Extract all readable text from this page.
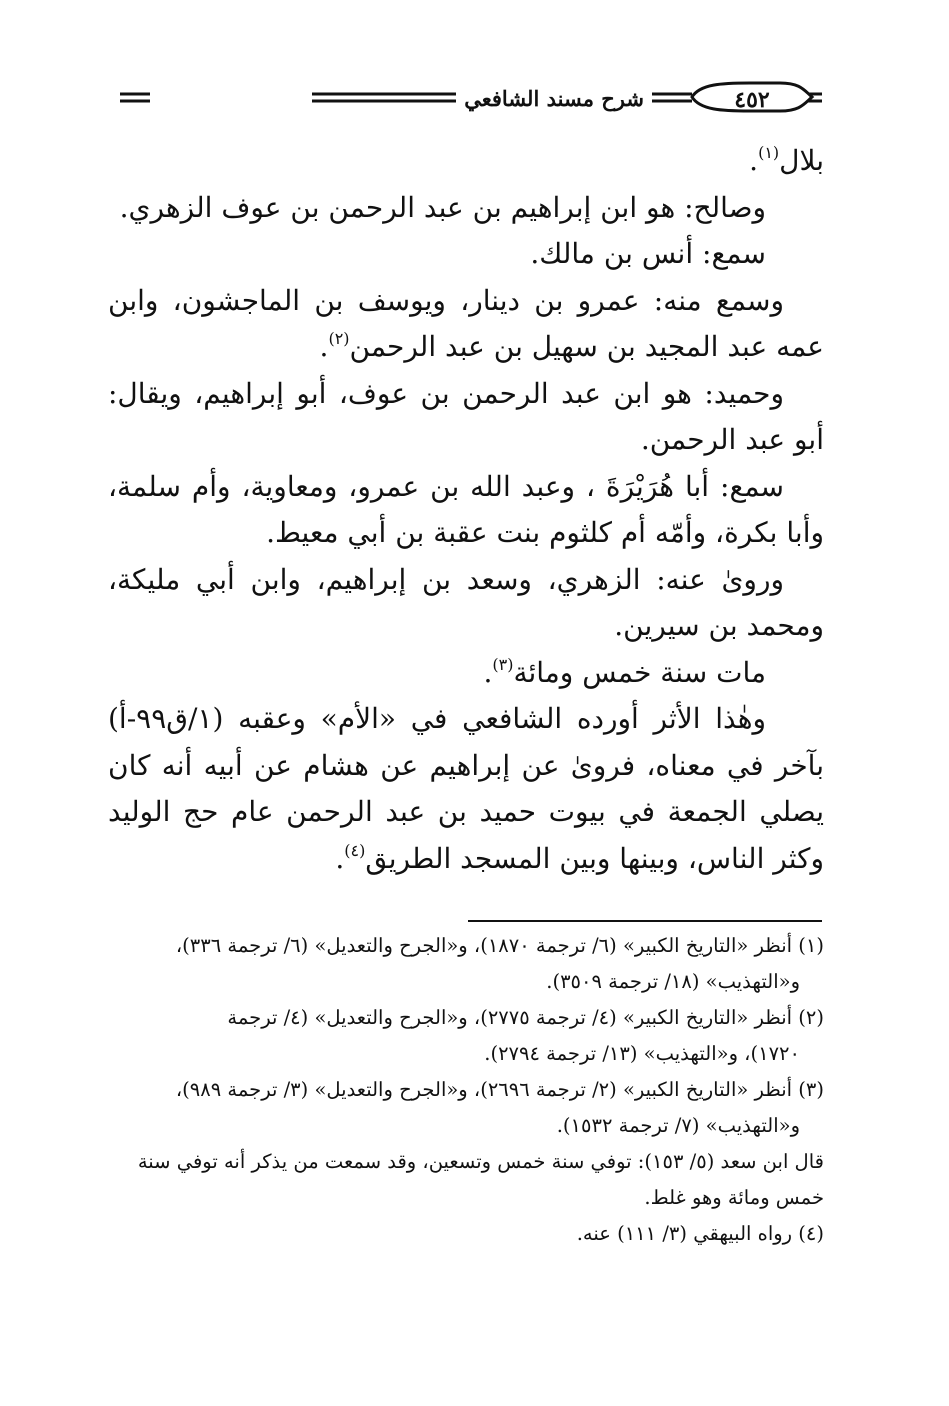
شرح مسند الشافعي	٤٥٢

بلال$^{(١)}$.

وصالح: هو ابن إبراهيم بن عبد الرحمن بن عوف الزهري.

سمع: أنس بن مالك.

وسمع منه: عمرو بن دينار، ويوسف بن الماجشون، وابن عمه عبد المجيد بن سهيل بن عبد الرحمن$^{(٢)}$.

وحميد: هو ابن عبد الرحمن بن عوف، أبو إبراهيم، ويقال: أبو عبد الرحمن.

سمع: أبا هُرَيْرَةَ ، وعبد الله بن عمرو، ومعاوية، وأم سلمة، وأبا بكرة، وأمّه أم كلثوم بنت عقبة بن أبي معيط.

وروىٰ عنه: الزهري، وسعد بن إبراهيم، وابن أبي مليكة، ومحمد بن سيرين.

مات سنة خمس ومائة$^{(٣)}$.

وهٰذا الأثر أورده الشافعي في «الأم» وعقبه (١/ق٩٩-أ) بآخر في معناه، فروىٰ عن إبراهيم عن هشام عن أبيه أنه كان يصلي الجمعة في بيوت حميد بن عبد الرحمن عام حج الوليد وكثر الناس، وبينها وبين المسجد الطريق$^{(٤)}$.

(١) أنظر «التاريخ الكبير» (٦/ ترجمة ١٨٧٠)، و«الجرح والتعديل» (٦/ ترجمة ٣٣٦)،

و«التهذيب» (١٨/ ترجمة ٣٥٠٩).

(٢) أنظر «التاريخ الكبير» (٤/ ترجمة ٢٧٧٥)، و«الجرح والتعديل» (٤/ ترجمة

١٧٢٠)، و«التهذيب» (١٣/ ترجمة ٢٧٩٤).

(٣) أنظر «التاريخ الكبير» (٢/ ترجمة ٢٦٩٦)، و«الجرح والتعديل» (٣/ ترجمة ٩٨٩)،

و«التهذيب» (٧/ ترجمة ١٥٣٢).

قال ابن سعد (٥/ ١٥٣): توفي سنة خمس وتسعين، وقد سمعت من يذكر أنه توفي سنة

خمس ومائة وهو غلط.

(٤) رواه البيهقي (٣/ ١١١) عنه.
